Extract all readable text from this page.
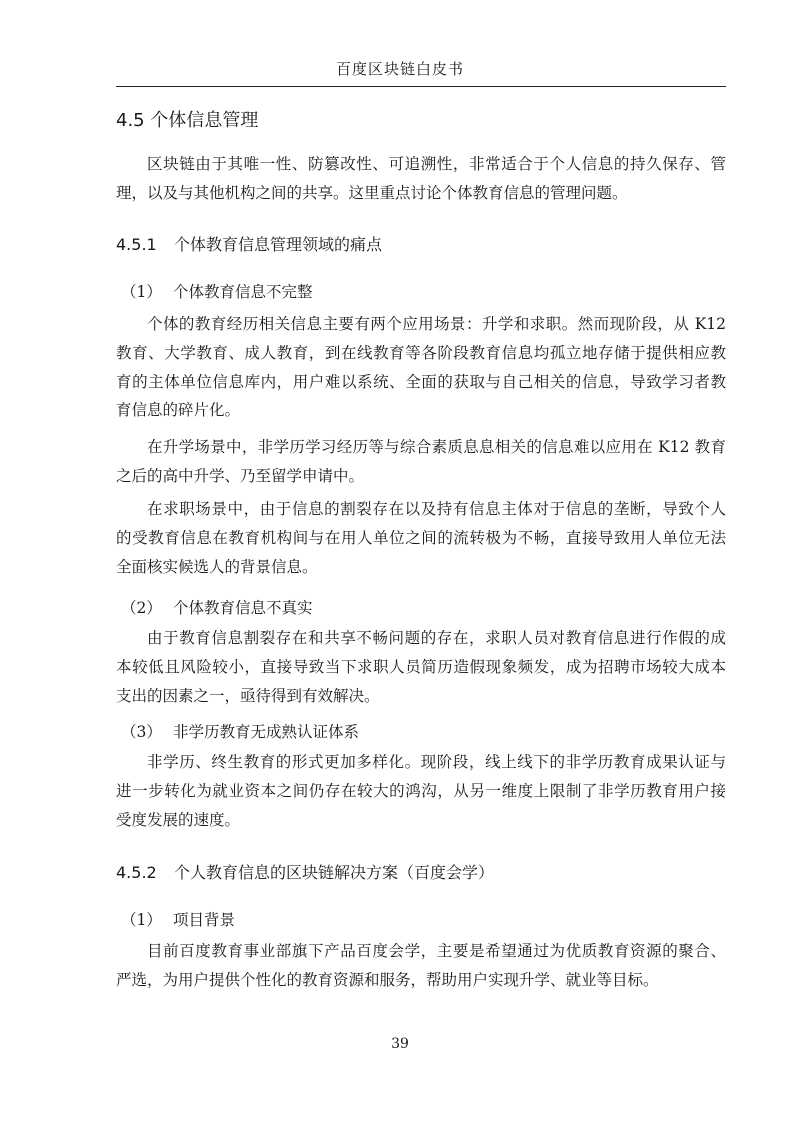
百度区块链白皮书
4.5 个体信息管理
区块链由于其唯一性、防篡改性、可追溯性，非常适合于个人信息的持久保存、管
理，以及与其他机构之间的共享。这里重点讨论个体教育信息的管理问题。
4.5.1 个体教育信息管理领域的痛点
（1） 个体教育信息不完整
个体的教育经历相关信息主要有两个应用场景：升学和求职。然而现阶段，从 K12
教育、大学教育、成人教育，到在线教育等各阶段教育信息均孤立地存储于提供相应教
育的主体单位信息库内，用户难以系统、全面的获取与自己相关的信息，导致学习者教
育信息的碎片化。
在升学场景中，非学历学习经历等与综合素质息息相关的信息难以应用在 K12 教育
之后的高中升学、乃至留学申请中。
在求职场景中，由于信息的割裂存在以及持有信息主体对于信息的垄断，导致个人
的受教育信息在教育机构间与在用人单位之间的流转极为不畅，直接导致用人单位无法
全面核实候选人的背景信息。
（2） 个体教育信息不真实
由于教育信息割裂存在和共享不畅问题的存在，求职人员对教育信息进行作假的成
本较低且风险较小，直接导致当下求职人员简历造假现象频发，成为招聘市场较大成本
支出的因素之一，亟待得到有效解决。
（3） 非学历教育无成熟认证体系
非学历、终生教育的形式更加多样化。现阶段，线上线下的非学历教育成果认证与
进一步转化为就业资本之间仍存在较大的鸿沟，从另一维度上限制了非学历教育用户接
受度发展的速度。
4.5.2 个人教育信息的区块链解决方案（百度会学）
（1） 项目背景
目前百度教育事业部旗下产品百度会学，主要是希望通过为优质教育资源的聚合、
严选，为用户提供个性化的教育资源和服务，帮助用户实现升学、就业等目标。
39
